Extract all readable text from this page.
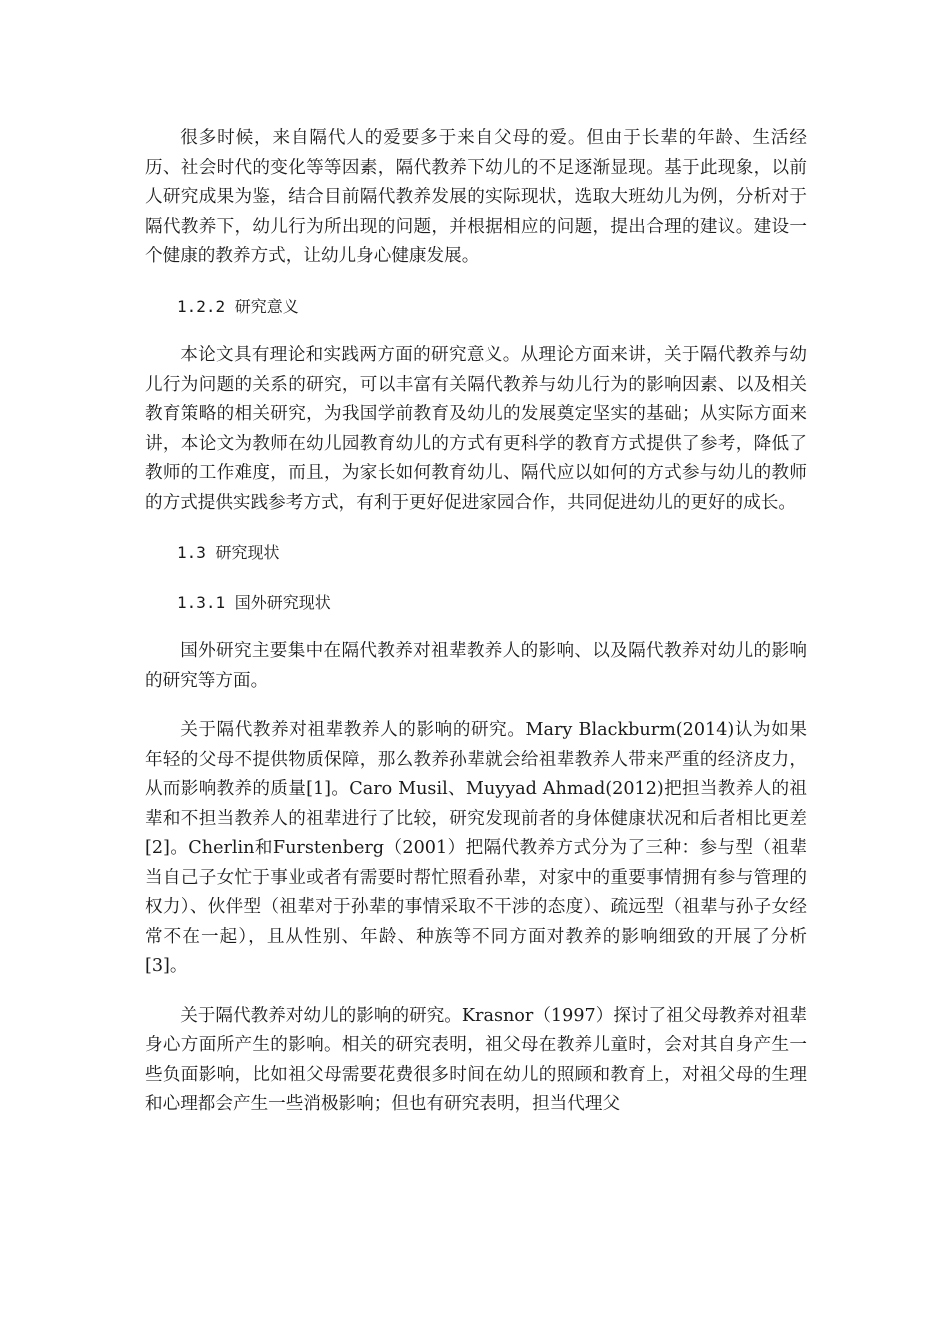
很多时候，来自隔代人的爱要多于来自父母的爱。但由于长辈的年龄、生活经历、社会时代的变化等等因素，隔代教养下幼儿的不足逐渐显现。基于此现象，以前人研究成果为鉴，结合目前隔代教养发展的实际现状，选取大班幼儿为例，分析对于隔代教养下，幼儿行为所出现的问题，并根据相应的问题，提出合理的建议。建设一个健康的教养方式，让幼儿身心健康发展。

1.2.2 研究意义

本论文具有理论和实践两方面的研究意义。从理论方面来讲，关于隔代教养与幼儿行为问题的关系的研究，可以丰富有关隔代教养与幼儿行为的影响因素、以及相关教育策略的相关研究，为我国学前教育及幼儿的发展奠定坚实的基础；从实际方面来讲，本论文为教师在幼儿园教育幼儿的方式有更科学的教育方式提供了参考，降低了教师的工作难度，而且，为家长如何教育幼儿、隔代应以如何的方式参与幼儿的教师的方式提供实践参考方式，有利于更好促进家园合作，共同促进幼儿的更好的成长。

1.3 研究现状

1.3.1 国外研究现状

国外研究主要集中在隔代教养对祖辈教养人的影响、以及隔代教养对幼儿的影响的研究等方面。

关于隔代教养对祖辈教养人的影响的研究。Mary Blackburm(2014)认为如果年轻的父母不提供物质保障，那么教养孙辈就会给祖辈教养人带来严重的经济皮力，从而影响教养的质量[1]。Caro Musil、Muyyad Ahmad(2012)把担当教养人的祖辈和不担当教养人的祖辈进行了比较，研究发现前者的身体健康状况和后者相比更差[2]。Cherlin和Furstenberg（2001）把隔代教养方式分为了三种：参与型（祖辈当自己子女忙于事业或者有需要时帮忙照看孙辈，对家中的重要事情拥有参与管理的权力）、伙伴型（祖辈对于孙辈的事情采取不干涉的态度）、疏远型（祖辈与孙子女经常不在一起），且从性别、年龄、种族等不同方面对教养的影响细致的开展了分析[3]。

关于隔代教养对幼儿的影响的研究。Krasnor（1997）探讨了祖父母教养对祖辈身心方面所产生的影响。相关的研究表明，祖父母在教养儿童时，会对其自身产生一些负面影响，比如祖父母需要花费很多时间在幼儿的照顾和教育上，对祖父母的生理和心理都会产生一些消极影响；但也有研究表明，担当代理父
